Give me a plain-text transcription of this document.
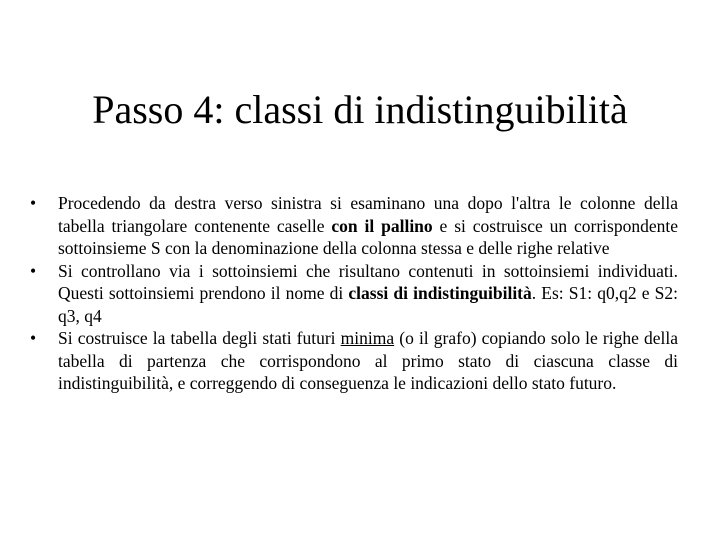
Passo 4: classi di indistinguibilità
•	Procedendo da destra verso sinistra si esaminano una dopo l'altra le colonne della tabella triangolare contenente caselle con il pallino e si costruisce un corrispondente sottoinsieme S con la denominazione della colonna stessa e delle righe relative
•	Si controllano via i sottoinsiemi che risultano contenuti in sottoinsiemi individuati. Questi sottoinsiemi prendono il nome di classi di indistinguibilità. Es: S1: q0,q2 e S2: q3, q4
•	Si costruisce la tabella degli stati futuri minima (o il grafo) copiando solo le righe della tabella di partenza che corrispondono al primo stato di ciascuna classe di indistinguibilità, e correggendo di conseguenza le indicazioni dello stato futuro.
